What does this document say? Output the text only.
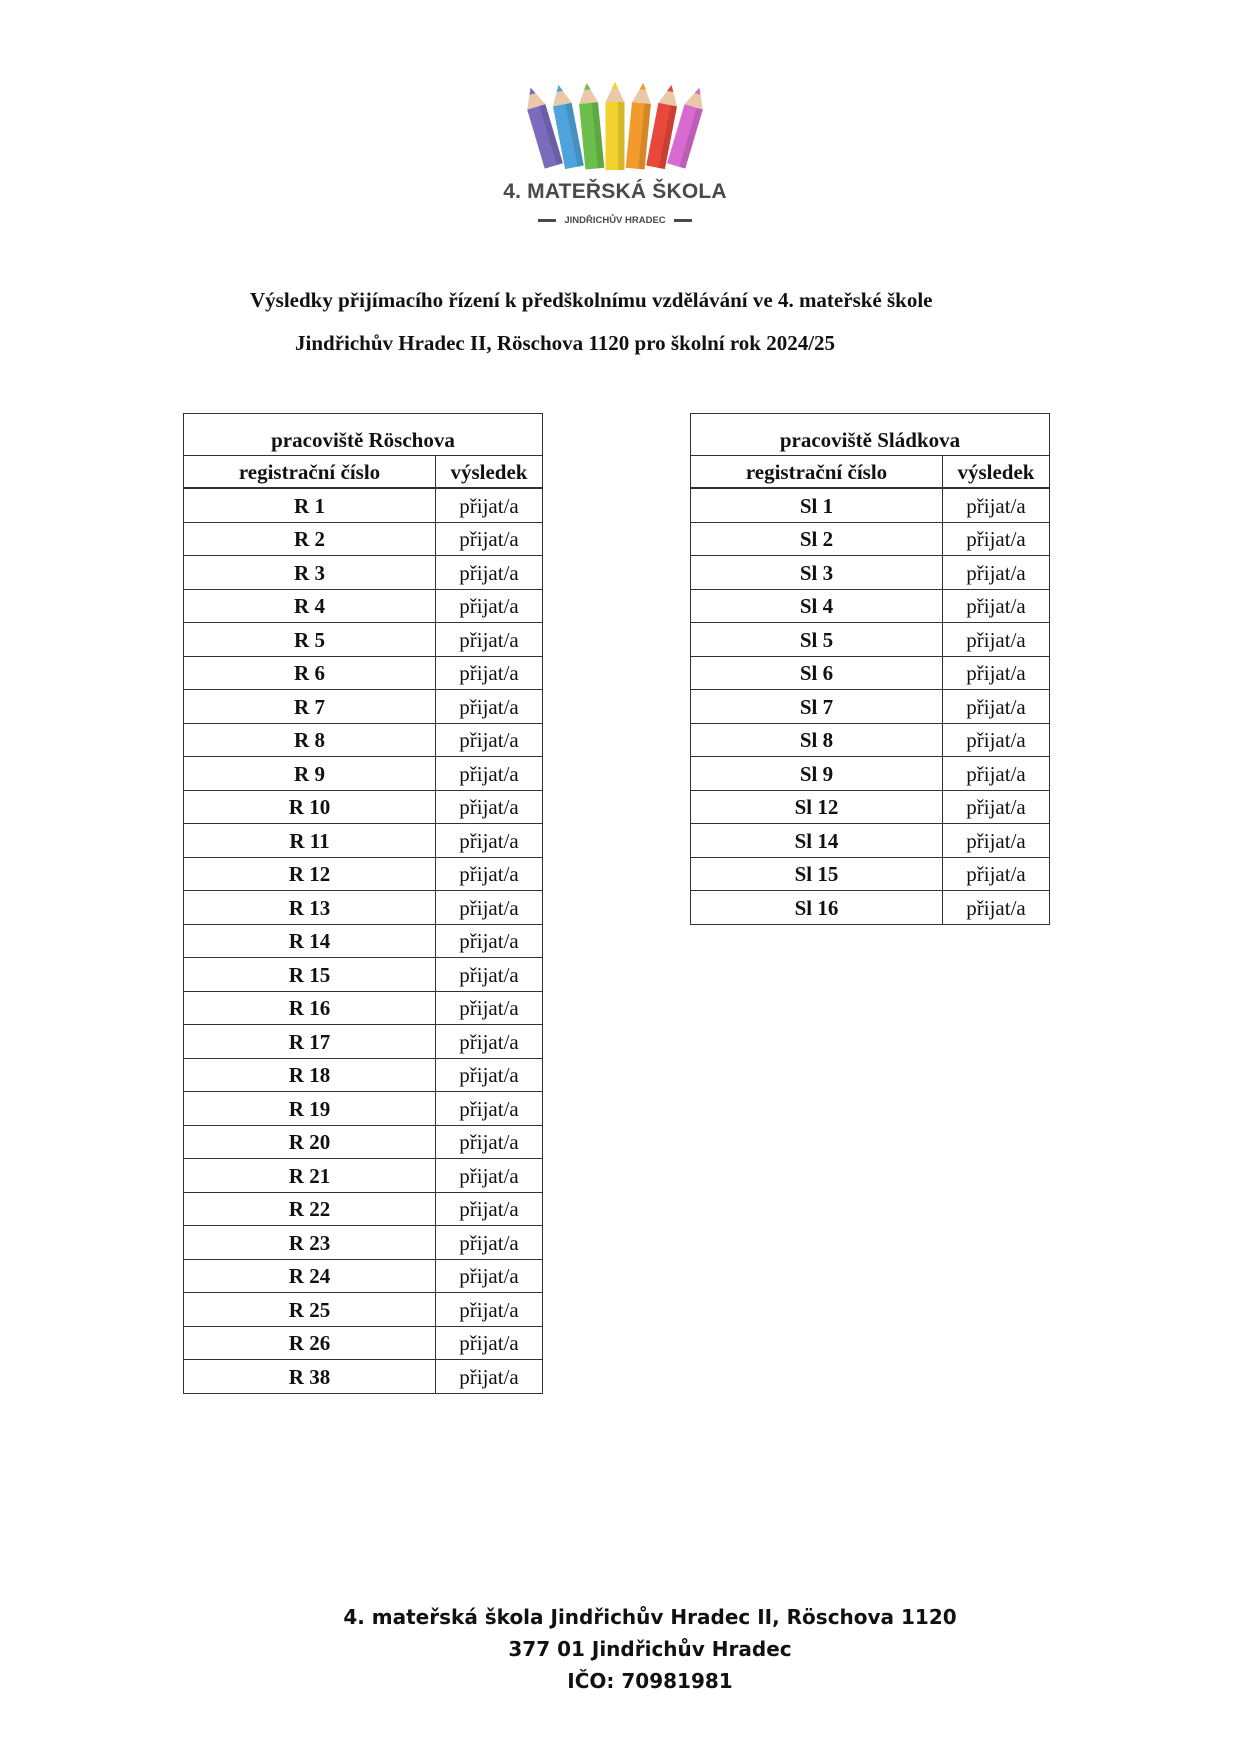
4. MATEŘSKÁ ŠKOLA
JINDŘICHŮV HRADEC
Výsledky přijímacího řízení k předškolnímu vzdělávání ve 4. mateřské škole
Jindřichův Hradec II, Röschova 1120 pro školní rok 2024/25
pracoviště Röschova	
registrační číslo	výsledek
R 1	přijat/a
R 2	přijat/a
R 3	přijat/a
R 4	přijat/a
R 5	přijat/a
R 6	přijat/a
R 7	přijat/a
R 8	přijat/a
R 9	přijat/a
R 10	přijat/a
R 11	přijat/a
R 12	přijat/a
R 13	přijat/a
R 14	přijat/a
R 15	přijat/a
R 16	přijat/a
R 17	přijat/a
R 18	přijat/a
R 19	přijat/a
R 20	přijat/a
R 21	přijat/a
R 22	přijat/a
R 23	přijat/a
R 24	přijat/a
R 25	přijat/a
R 26	přijat/a
R 38	přijat/a
pracoviště Sládkova	
registrační číslo	výsledek
Sl 1	přijat/a
Sl 2	přijat/a
Sl 3	přijat/a
Sl 4	přijat/a
Sl 5	přijat/a
Sl 6	přijat/a
Sl 7	přijat/a
Sl 8	přijat/a
Sl 9	přijat/a
Sl 12	přijat/a
Sl 14	přijat/a
Sl 15	přijat/a
Sl 16	přijat/a
4. mateřská škola Jindřichův Hradec II, Röschova 1120
377 01 Jindřichův Hradec
IČO: 70981981
